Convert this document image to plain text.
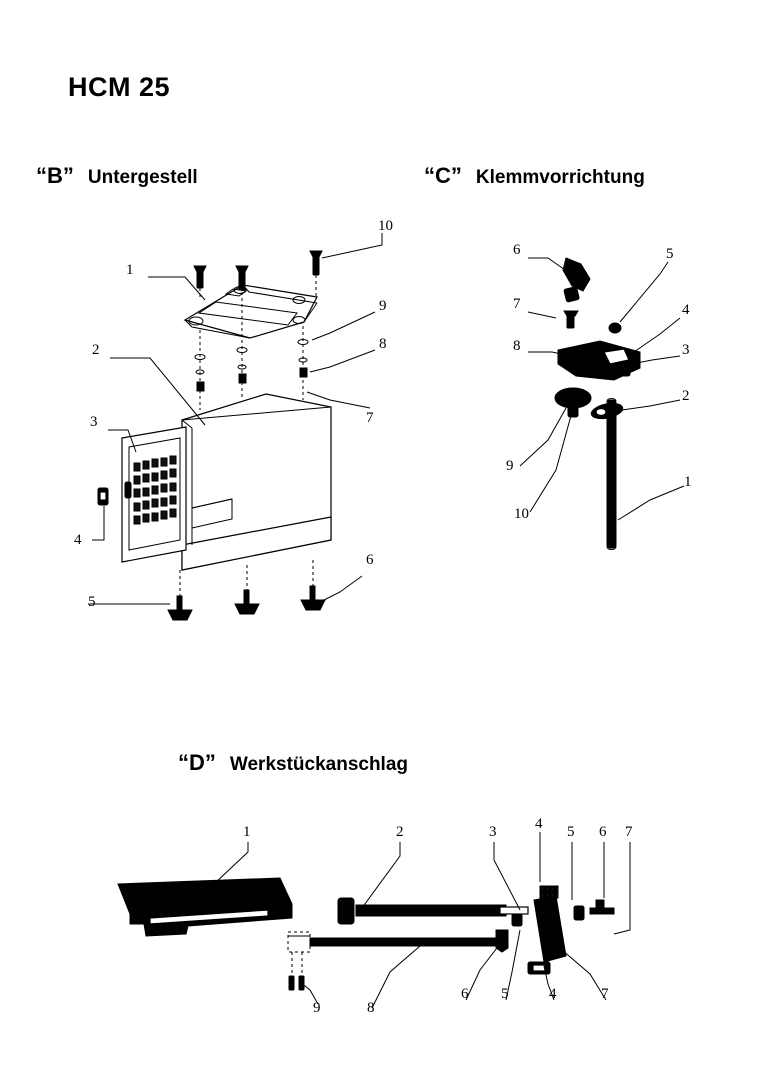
HCM 25
“B” Untergestell	“C” Klemmvorrichtung
“D” Werkstückanschlag
10
1
9
2	8
3	7
4
5
6
6	5
7	4
8	3
2
9
1
10
1	2	3	4 5 6 7
6 5	4	7
8
9
